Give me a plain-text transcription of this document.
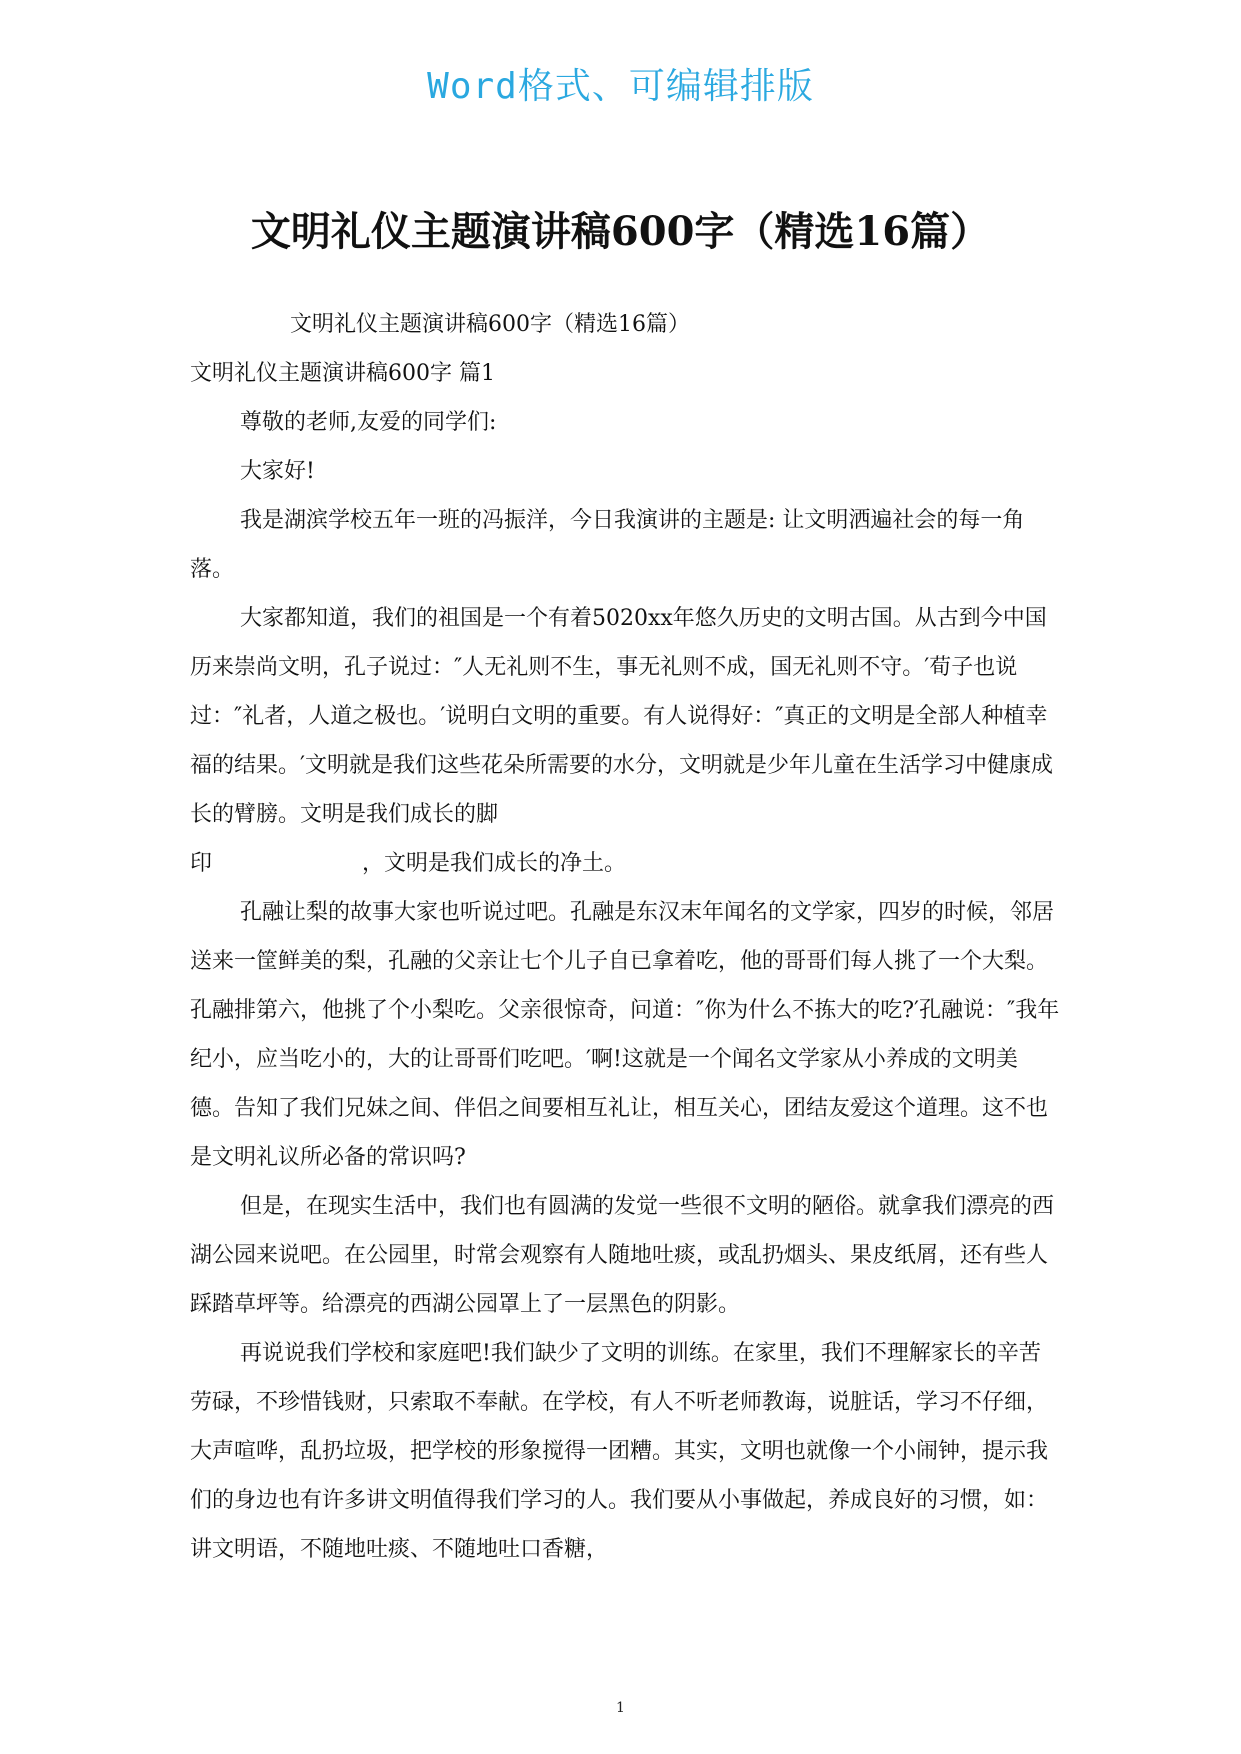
Word格式、可编辑排版
文明礼仪主题演讲稿600字（精选16篇）

文明礼仪主题演讲稿600字（精选16篇）

文明礼仪主题演讲稿600字 篇1

尊敬的老师,友爱的同学们:

大家好!

我是湖滨学校五年一班的冯振洋，今日我演讲的主题是: 让文明洒遍社会的每一角落。

大家都知道，我们的祖国是一个有着5020xx年悠久历史的文明古国。从古到今中国历来崇尚文明，孔子说过：″人无礼则不生，事无礼则不成，国无礼则不守。′荀子也说过：″礼者，人道之极也。′说明白文明的重要。有人说得好：″真正的文明是全部人种植幸福的结果。′文明就是我们这些花朵所需要的水分，文明就是少年儿童在生活学习中健康成长的臂膀。文明是我们成长的脚

印	，文明是我们成长的净土。

孔融让梨的故事大家也听说过吧。孔融是东汉末年闻名的文学家，四岁的时候，邻居送来一筐鲜美的梨，孔融的父亲让七个儿子自已拿着吃，他的哥哥们每人挑了一个大梨。孔融排第六，他挑了个小梨吃。父亲很惊奇，问道：″你为什么不拣大的吃?′孔融说：″我年纪小，应当吃小的，大的让哥哥们吃吧。′啊!这就是一个闻名文学家从小养成的文明美德。告知了我们兄妹之间、伴侣之间要相互礼让，相互关心，团结友爱这个道理。这不也是文明礼议所必备的常识吗?

但是，在现实生活中，我们也有圆满的发觉一些很不文明的陋俗。就拿我们漂亮的西湖公园来说吧。在公园里，时常会观察有人随地吐痰，或乱扔烟头、果皮纸屑，还有些人踩踏草坪等。给漂亮的西湖公园罩上了一层黑色的阴影。

再说说我们学校和家庭吧!我们缺少了文明的训练。在家里，我们不理解家长的辛苦劳碌，不珍惜钱财，只索取不奉献。在学校，有人不听老师教诲，说脏话，学习不仔细，大声喧哗，乱扔垃圾，把学校的形象搅得一团糟。其实，文明也就像一个小闹钟，提示我们的身边也有许多讲文明值得我们学习的人。我们要从小事做起，养成良好的习惯，如：讲文明语，不随地吐痰、不随地吐口香糖，

1
